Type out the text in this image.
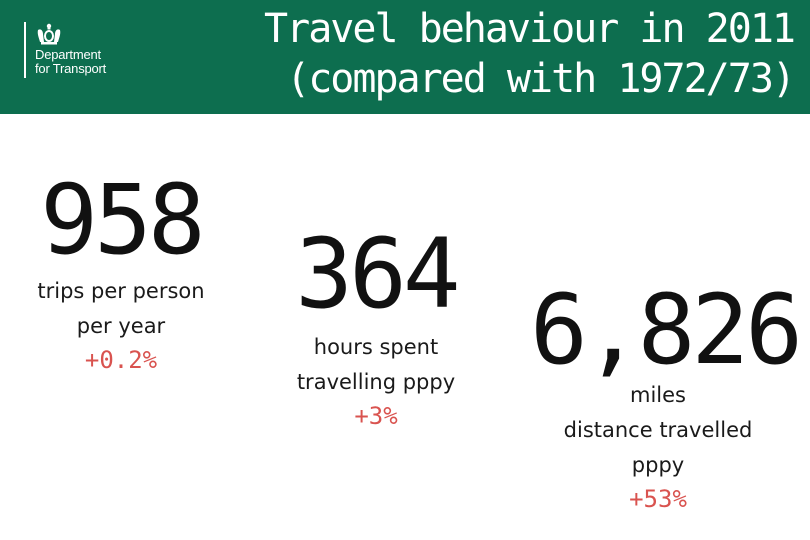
Department
for Transport
Travel behaviour in 2011
(compared with 1972/73)
958
trips per person
per year
+0.2%
364
hours spent
travelling pppy
+3%
6,826
miles
distance travelled
pppy
+53%
